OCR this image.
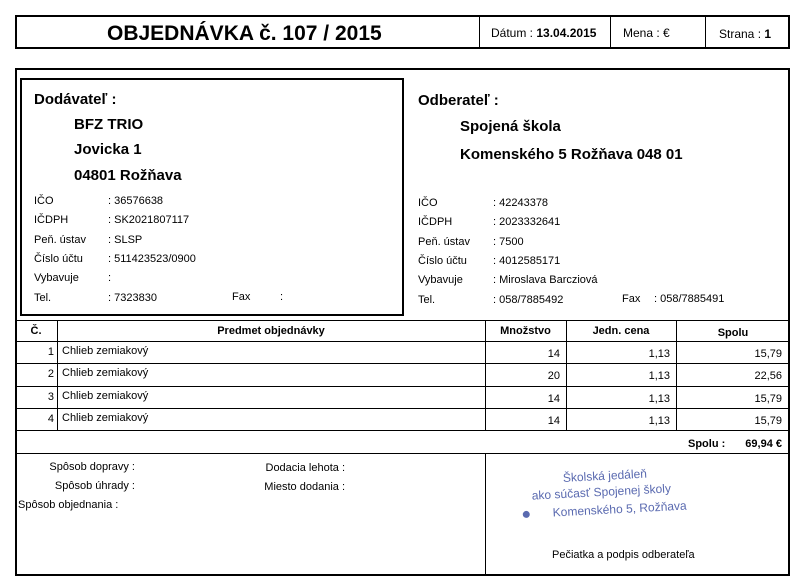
OBJEDNÁVKA č. 107 / 2015	Dátum : 13.04.2015 Mena : €	Strana : 1
Dodávateľ :
BFZ TRIO
Jovicka 1
04801 Rožňava
IČO	: 36576638
IČDPH	: SK2021807117
Peň. ústav : SLSP
Číslo účtu : 511423523/0900
Vybavuje	:
Tel.	: 7323830	Fax	:
Odberateľ :
Spojená škola
Komenského 5 Rožňava 048 01
IČO	: 42243378
IČDPH	: 2023332641
Peň. ústav : 7500
Číslo účtu : 4012585171
Vybavuje	: Miroslava Barcziová
Tel.	: 058/7885492	Fax : 058/7885491
Č.	Predmet objednávky	Množstvo	Jedn. cena	Spolu
1 Chlieb zemiakový	14	1,13	15,79
2 Chlieb zemiakový	20	1,13	22,56
3 Chlieb zemiakový	14	1,13	15,79
4 Chlieb zemiakový	14	1,13	15,79
Spolu :	69,94 €
Spôsob dopravy :
Spôsob úhrady :
Spôsob objednania :
Dodacia lehota :
Miesto dodania :
Školská jedáleň
ako súčasť Spojenej školy
Komenského 5, Rožňava
Pečiatka a podpis odberateľa
